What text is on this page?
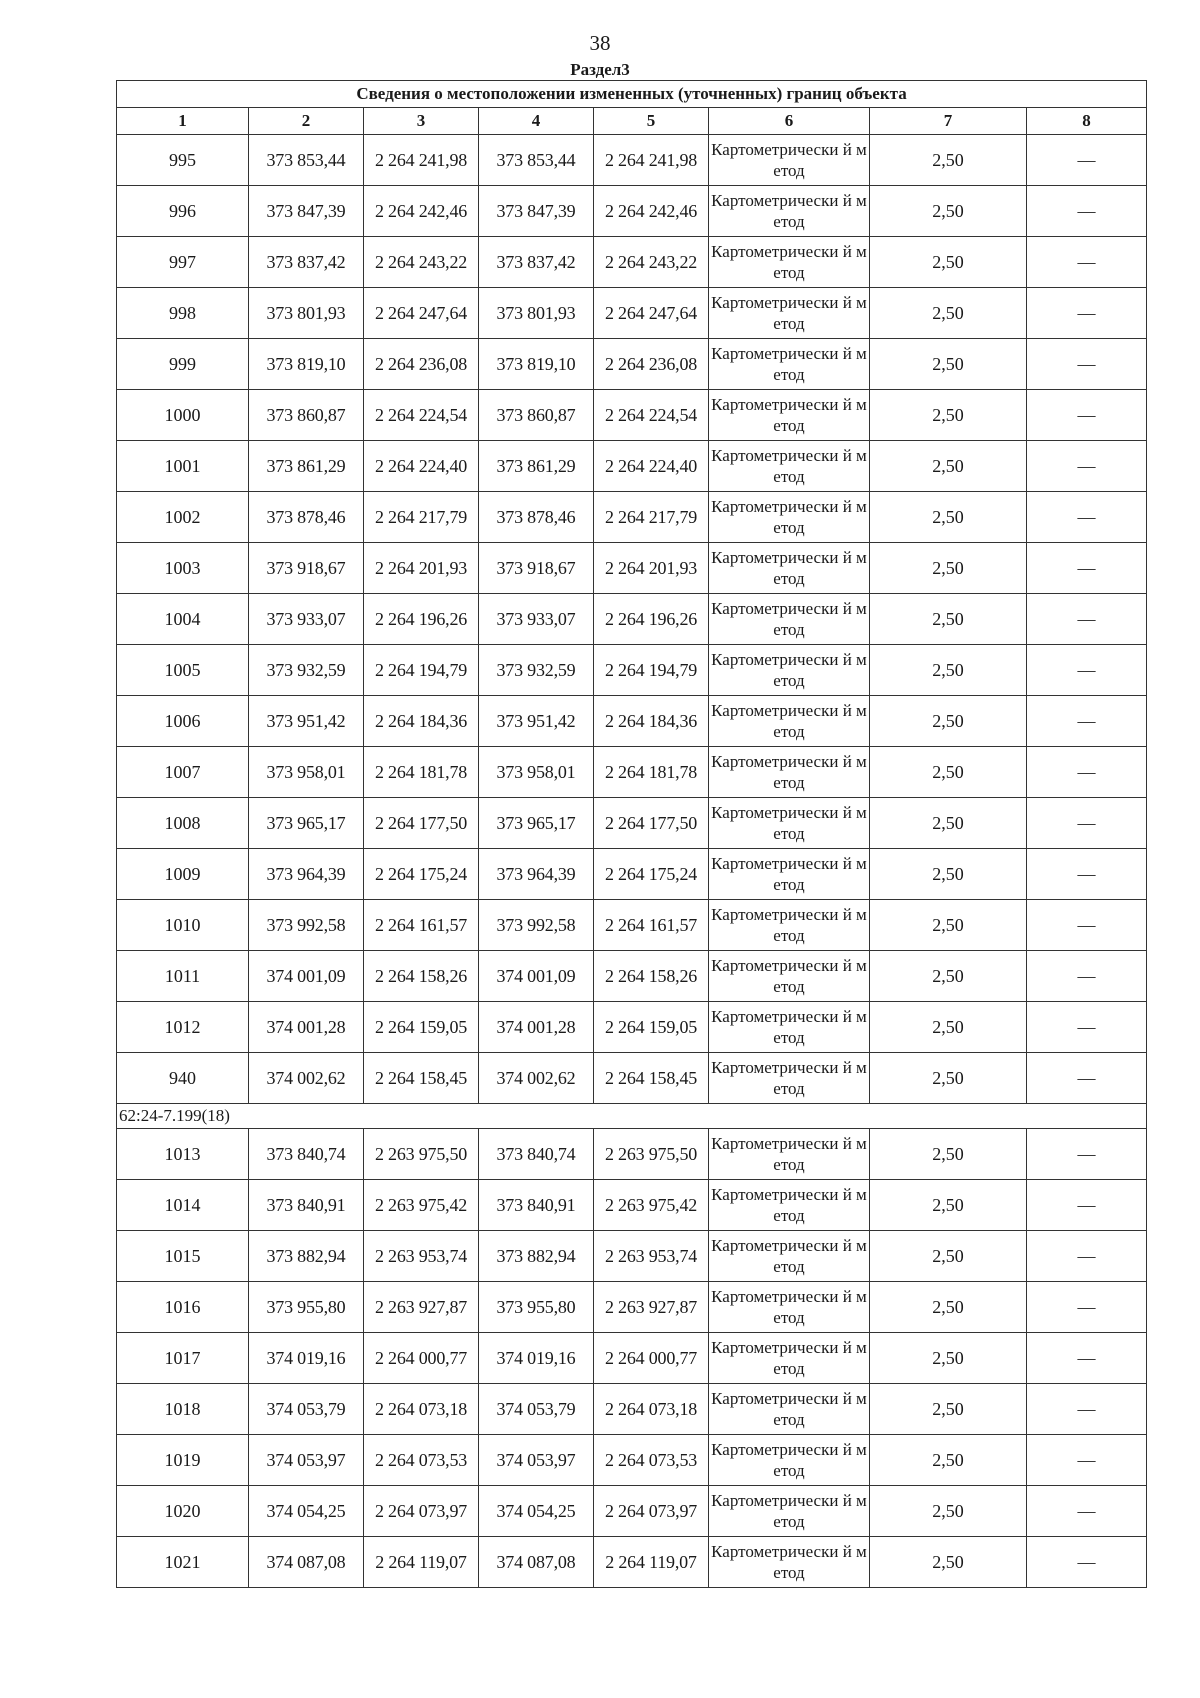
38
Раздел3
Сведения о местоположении измененных (уточненных) границ объекта							
1	2	3	4	5	6	7	8
995	373 853,44	2 264 241,98	373 853,44	2 264 241,98	Картометрически й метод	2,50	—
996	373 847,39	2 264 242,46	373 847,39	2 264 242,46	Картометрически й метод	2,50	—
997	373 837,42	2 264 243,22	373 837,42	2 264 243,22	Картометрически й метод	2,50	—
998	373 801,93	2 264 247,64	373 801,93	2 264 247,64	Картометрически й метод	2,50	—
999	373 819,10	2 264 236,08	373 819,10	2 264 236,08	Картометрически й метод	2,50	—
1000	373 860,87	2 264 224,54	373 860,87	2 264 224,54	Картометрически й метод	2,50	—
1001	373 861,29	2 264 224,40	373 861,29	2 264 224,40	Картометрически й метод	2,50	—
1002	373 878,46	2 264 217,79	373 878,46	2 264 217,79	Картометрически й метод	2,50	—
1003	373 918,67	2 264 201,93	373 918,67	2 264 201,93	Картометрически й метод	2,50	—
1004	373 933,07	2 264 196,26	373 933,07	2 264 196,26	Картометрически й метод	2,50	—
1005	373 932,59	2 264 194,79	373 932,59	2 264 194,79	Картометрически й метод	2,50	—
1006	373 951,42	2 264 184,36	373 951,42	2 264 184,36	Картометрически й метод	2,50	—
1007	373 958,01	2 264 181,78	373 958,01	2 264 181,78	Картометрически й метод	2,50	—
1008	373 965,17	2 264 177,50	373 965,17	2 264 177,50	Картометрически й метод	2,50	—
1009	373 964,39	2 264 175,24	373 964,39	2 264 175,24	Картометрически й метод	2,50	—
1010	373 992,58	2 264 161,57	373 992,58	2 264 161,57	Картометрически й метод	2,50	—
1011	374 001,09	2 264 158,26	374 001,09	2 264 158,26	Картометрически й метод	2,50	—
1012	374 001,28	2 264 159,05	374 001,28	2 264 159,05	Картометрически й метод	2,50	—
940	374 002,62	2 264 158,45	374 002,62	2 264 158,45	Картометрически й метод	2,50	—
62:24-7.199(18)							
1013	373 840,74	2 263 975,50	373 840,74	2 263 975,50	Картометрически й метод	2,50	—
1014	373 840,91	2 263 975,42	373 840,91	2 263 975,42	Картометрически й метод	2,50	—
1015	373 882,94	2 263 953,74	373 882,94	2 263 953,74	Картометрически й метод	2,50	—
1016	373 955,80	2 263 927,87	373 955,80	2 263 927,87	Картометрически й метод	2,50	—
1017	374 019,16	2 264 000,77	374 019,16	2 264 000,77	Картометрически й метод	2,50	—
1018	374 053,79	2 264 073,18	374 053,79	2 264 073,18	Картометрически й метод	2,50	—
1019	374 053,97	2 264 073,53	374 053,97	2 264 073,53	Картометрически й метод	2,50	—
1020	374 054,25	2 264 073,97	374 054,25	2 264 073,97	Картометрически й метод	2,50	—
1021	374 087,08	2 264 119,07	374 087,08	2 264 119,07	Картометрически й метод	2,50	—
